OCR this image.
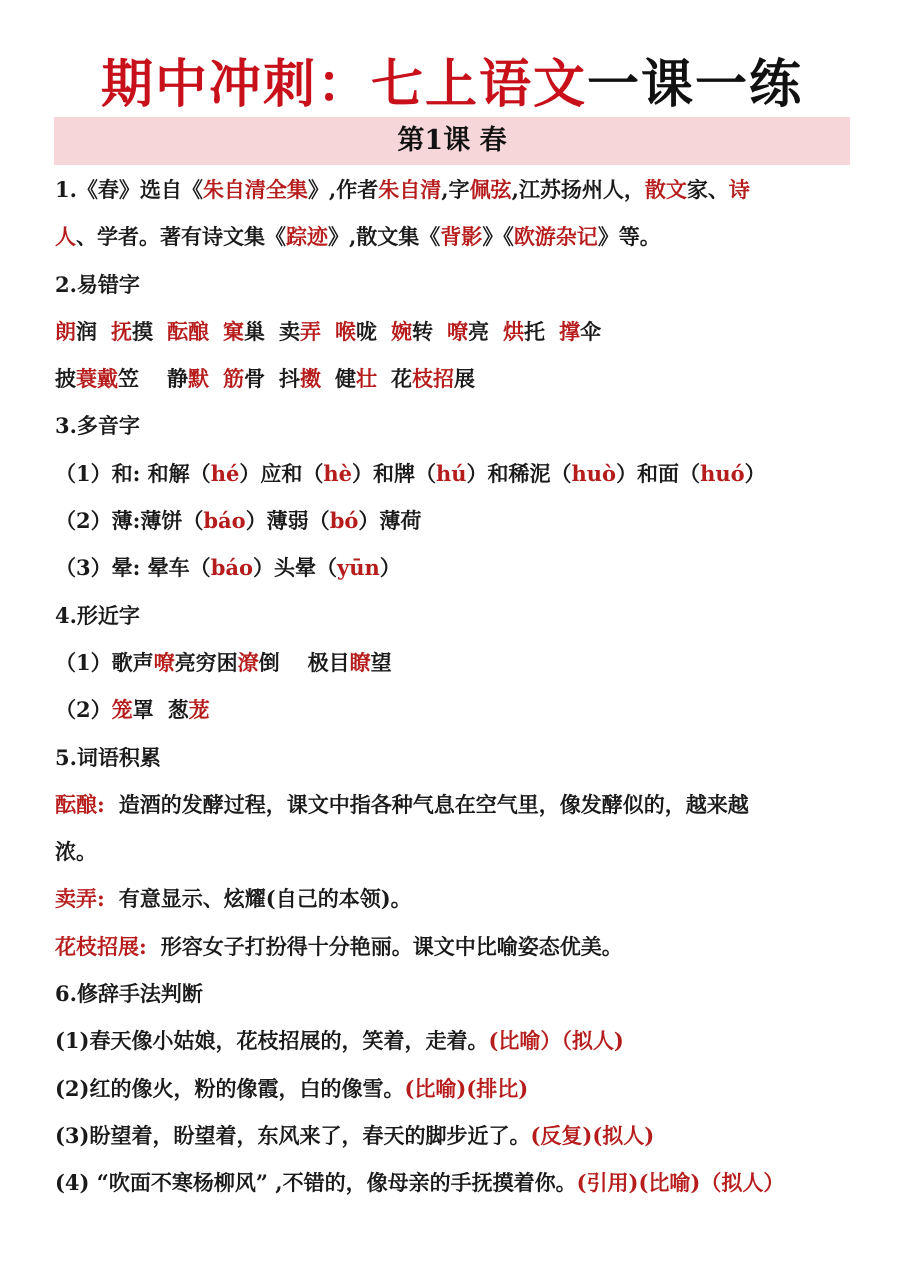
期中冲刺：七上语文一课一练
第1课 春
1.《春》选自《朱自清全集》,作者朱自清,字佩弦,江苏扬州人，散文家、诗
人、学者。著有诗文集《踪迹》,散文集《背影》《欧游杂记》等。
2.易错字
朗润 抚摸 酝酿 窠巢 卖弄 喉咙 婉转 嘹亮 烘托 撑伞
披蓑戴笠 静默 筋骨 抖擞 健壮 花枝招展
3.多音字
（1）和: 和解（hé）应和（hè）和牌（hú）和稀泥（huò）和面（huó）
（2）薄:薄饼（báo）薄弱（bó）薄荷
（3）晕: 晕车（báo）头晕（yūn）
4.形近字
（1）歌声嘹亮穷困潦倒 极目瞭望
（2）笼罩 葱茏
5.词语积累
酝酿: 造酒的发酵过程，课文中指各种气息在空气里，像发酵似的，越来越
浓。
卖弄: 有意显示、炫耀(自己的本领)。
花枝招展: 形容女子打扮得十分艳丽。课文中比喻姿态优美。
6.修辞手法判断
(1)春天像小姑娘，花枝招展的，笑着，走着。(比喻）（拟人)
(2)红的像火，粉的像霞，白的像雪。(比喻)(排比)
(3)盼望着，盼望着，东风来了，春天的脚步近了。(反复)(拟人)
(4) “吹面不寒杨柳风” ,不错的，像母亲的手抚摸着你。(引用)(比喻)（拟人）
